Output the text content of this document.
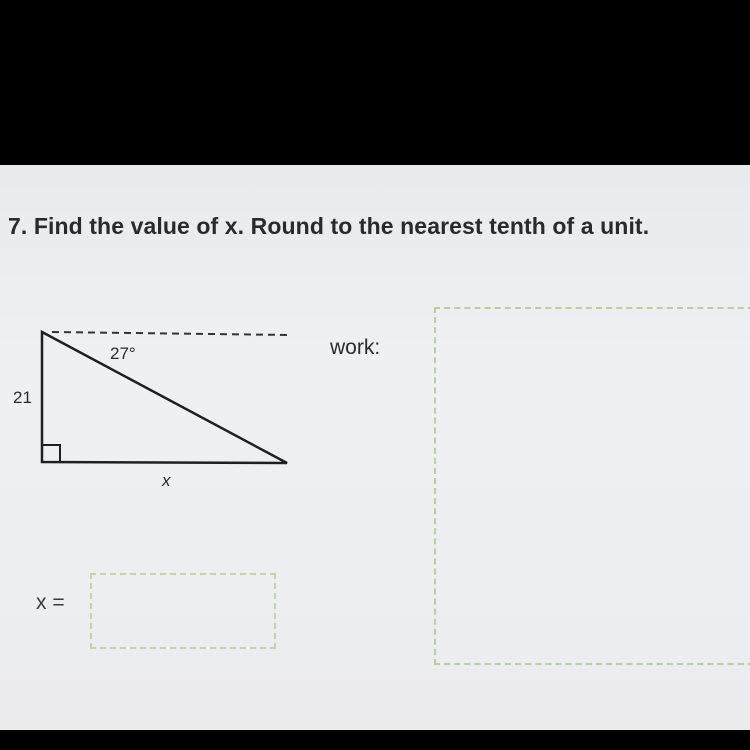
7. Find the value of x. Round to the nearest tenth of a unit.
27°
21
x
work:
x =
